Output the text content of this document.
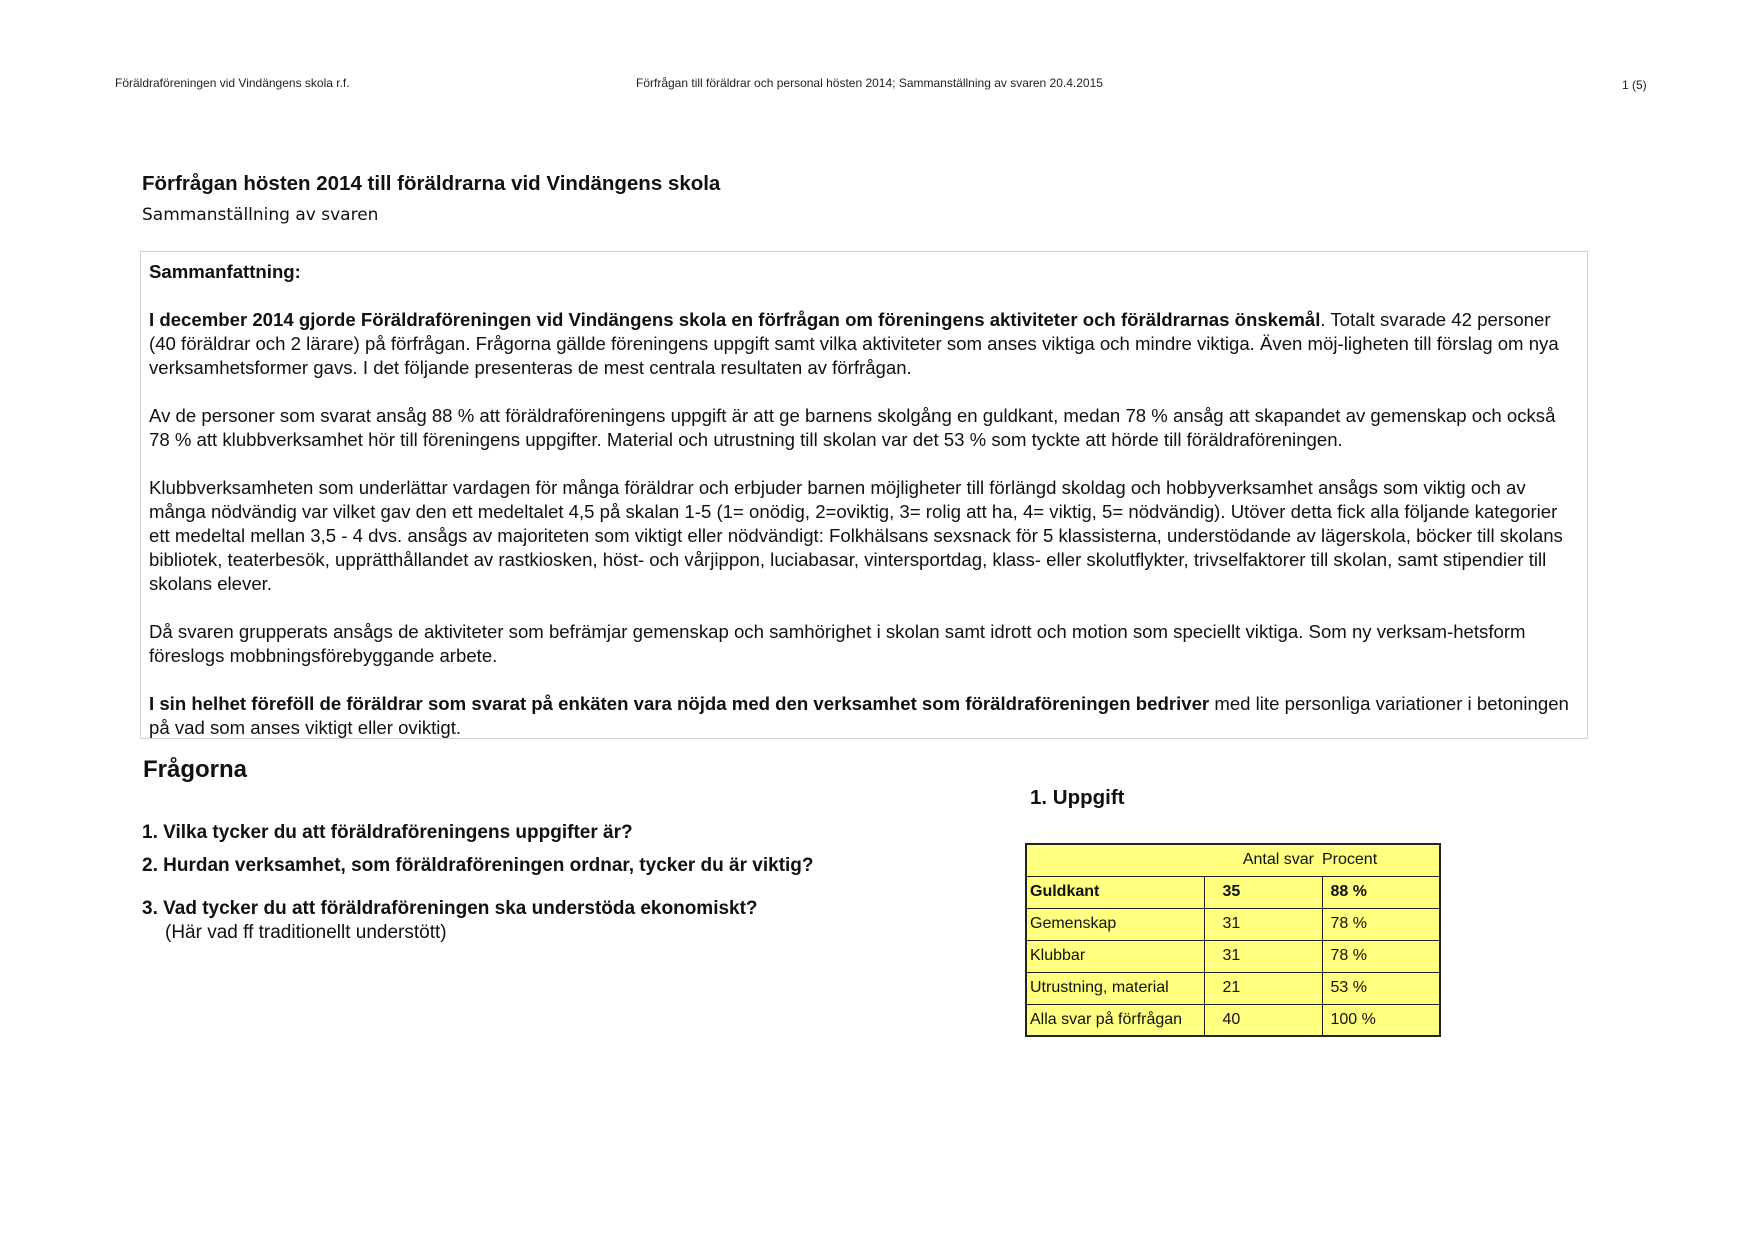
Föräldraföreningen vid Vindängens skola r.f.	Förfrågan till föräldrar och personal hösten 2014; Sammanställning av svaren 20.4.2015	1 (5)
Förfrågan hösten 2014 till föräldrarna vid Vindängens skola
Sammanställning av svaren

Sammanfattning:

I december 2014 gjorde Föräldraföreningen vid Vindängens skola en förfrågan om föreningens aktiviteter och föräldrarnas önskemål. Totalt svarade 42 personer (40 föräldrar och 2 lärare) på förfrågan. Frågorna gällde föreningens uppgift samt vilka aktiviteter som anses viktiga och mindre viktiga. Även möj-ligheten till förslag om nya verksamhetsformer gavs. I det följande presenteras de mest centrala resultaten av förfrågan.

Av de personer som svarat ansåg 88 % att föräldraföreningens uppgift är att ge barnens skolgång en guldkant, medan 78 % ansåg att skapandet av gemenskap och också 78 % att klubbverksamhet hör till föreningens uppgifter. Material och utrustning till skolan var det 53 % som tyckte att hörde till föräldraföreningen.

Klubbverksamheten som underlättar vardagen för många föräldrar och erbjuder barnen möjligheter till förlängd skoldag och hobbyverksamhet ansågs som viktig och av många nödvändig var vilket gav den ett medeltalet 4,5 på skalan 1-5 (1= onödig, 2=oviktig, 3= rolig att ha, 4= viktig, 5= nödvändig). Utöver detta fick alla följande kategorier ett medeltal mellan 3,5 - 4 dvs. ansågs av majoriteten som viktigt eller nödvändigt: Folkhälsans sexsnack för 5 klassisterna, understödande av lägerskola, böcker till skolans bibliotek, teaterbesök, upprätthållandet av rastkiosken, höst- och vårjippon, luciabasar, vintersportdag, klass- eller skolutflykter, trivselfaktorer till skolan, samt stipendier till skolans elever.

Då svaren grupperats ansågs de aktiviteter som befrämjar gemenskap och samhörighet i skolan samt idrott och motion som speciellt viktiga. Som ny verksam-hetsform föreslogs mobbningsförebyggande arbete.

I sin helhet föreföll de föräldrar som svarat på enkäten vara nöjda med den verksamhet som föräldraföreningen bedriver med lite personliga variationer i betoningen på vad som anses viktigt eller oviktigt.

Frågorna
1. Vilka tycker du att föräldraföreningens uppgifter är?
2. Hurdan verksamhet, som föräldraföreningen ordnar, tycker du är viktig?
3. Vad tycker du att föräldraföreningen ska understöda ekonomiskt?
(Här vad ff traditionellt understött)
1. Uppgift
	Antal svar	Procent
Guldkant	35	88 %
Gemenskap	31	78 %
Klubbar	31	78 %
Utrustning, material	21	53 %
Alla svar på förfrågan	40	100 %
